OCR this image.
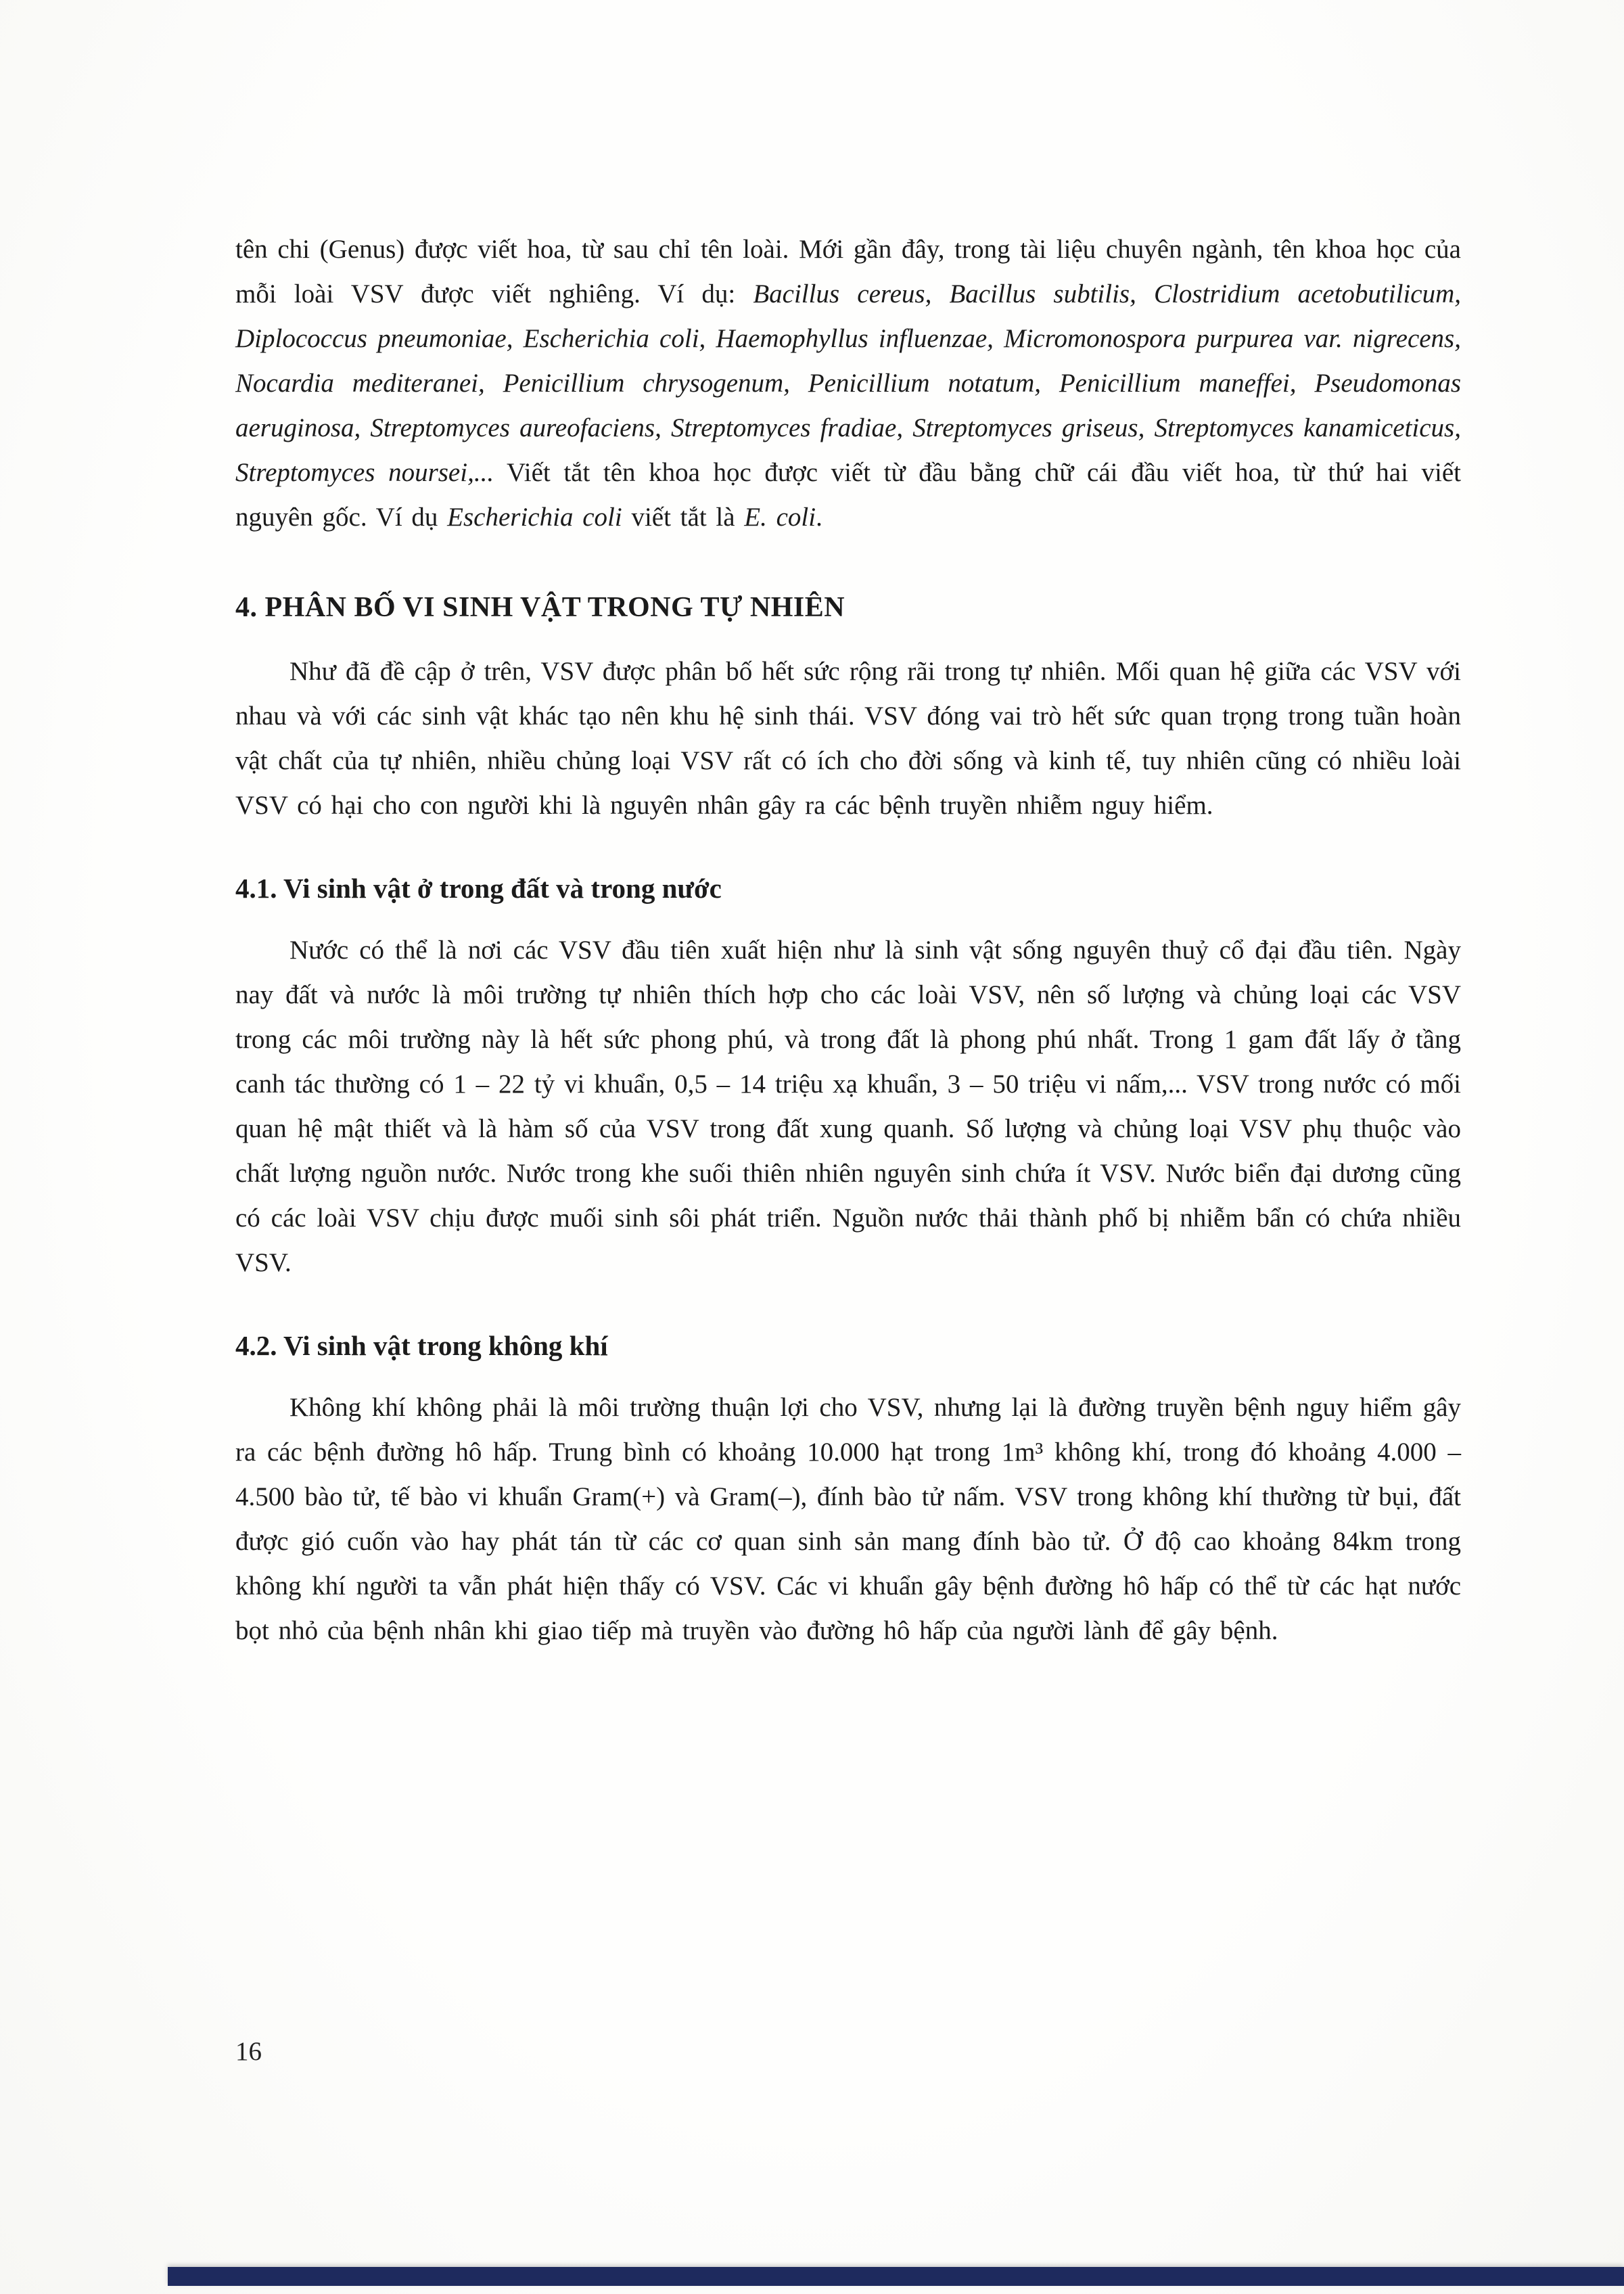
tên chi (Genus) được viết hoa, từ sau chỉ tên loài. Mới gần đây, trong tài liệu chuyên ngành, tên khoa học của mỗi loài VSV được viết nghiêng. Ví dụ: Bacillus cereus, Bacillus subtilis, Clostridium acetobutilicum, Diplococcus pneumoniae, Escherichia coli, Haemophyllus influenzae, Micromonospora purpurea var. nigrecens, Nocardia mediteranei, Penicillium chrysogenum, Penicillium notatum, Penicillium maneffei, Pseudomonas aeruginosa, Streptomyces aureofaciens, Streptomyces fradiae, Streptomyces griseus, Streptomyces kanamiceticus, Streptomyces noursei,... Viết tắt tên khoa học được viết từ đầu bằng chữ cái đầu viết hoa, từ thứ hai viết nguyên gốc. Ví dụ Escherichia coli viết tắt là E. coli.

4. PHÂN BỐ VI SINH VẬT TRONG TỰ NHIÊN

Như đã đề cập ở trên, VSV được phân bố hết sức rộng rãi trong tự nhiên. Mối quan hệ giữa các VSV với nhau và với các sinh vật khác tạo nên khu hệ sinh thái. VSV đóng vai trò hết sức quan trọng trong tuần hoàn vật chất của tự nhiên, nhiều chủng loại VSV rất có ích cho đời sống và kinh tế, tuy nhiên cũng có nhiều loài VSV có hại cho con người khi là nguyên nhân gây ra các bệnh truyền nhiễm nguy hiểm.

4.1. Vi sinh vật ở trong đất và trong nước

Nước có thể là nơi các VSV đầu tiên xuất hiện như là sinh vật sống nguyên thuỷ cổ đại đầu tiên. Ngày nay đất và nước là môi trường tự nhiên thích hợp cho các loài VSV, nên số lượng và chủng loại các VSV trong các môi trường này là hết sức phong phú, và trong đất là phong phú nhất. Trong 1 gam đất lấy ở tầng canh tác thường có 1 – 22 tỷ vi khuẩn, 0,5 – 14 triệu xạ khuẩn, 3 – 50 triệu vi nấm,... VSV trong nước có mối quan hệ mật thiết và là hàm số của VSV trong đất xung quanh. Số lượng và chủng loại VSV phụ thuộc vào chất lượng nguồn nước. Nước trong khe suối thiên nhiên nguyên sinh chứa ít VSV. Nước biển đại dương cũng có các loài VSV chịu được muối sinh sôi phát triển. Nguồn nước thải thành phố bị nhiễm bẩn có chứa nhiều VSV.

4.2. Vi sinh vật trong không khí

Không khí không phải là môi trường thuận lợi cho VSV, nhưng lại là đường truyền bệnh nguy hiểm gây ra các bệnh đường hô hấp. Trung bình có khoảng 10.000 hạt trong 1m³ không khí, trong đó khoảng 4.000 – 4.500 bào tử, tế bào vi khuẩn Gram(+) và Gram(–), đính bào tử nấm. VSV trong không khí thường từ bụi, đất được gió cuốn vào hay phát tán từ các cơ quan sinh sản mang đính bào tử. Ở độ cao khoảng 84km trong không khí người ta vẫn phát hiện thấy có VSV. Các vi khuẩn gây bệnh đường hô hấp có thể từ các hạt nước bọt nhỏ của bệnh nhân khi giao tiếp mà truyền vào đường hô hấp của người lành để gây bệnh.

16
